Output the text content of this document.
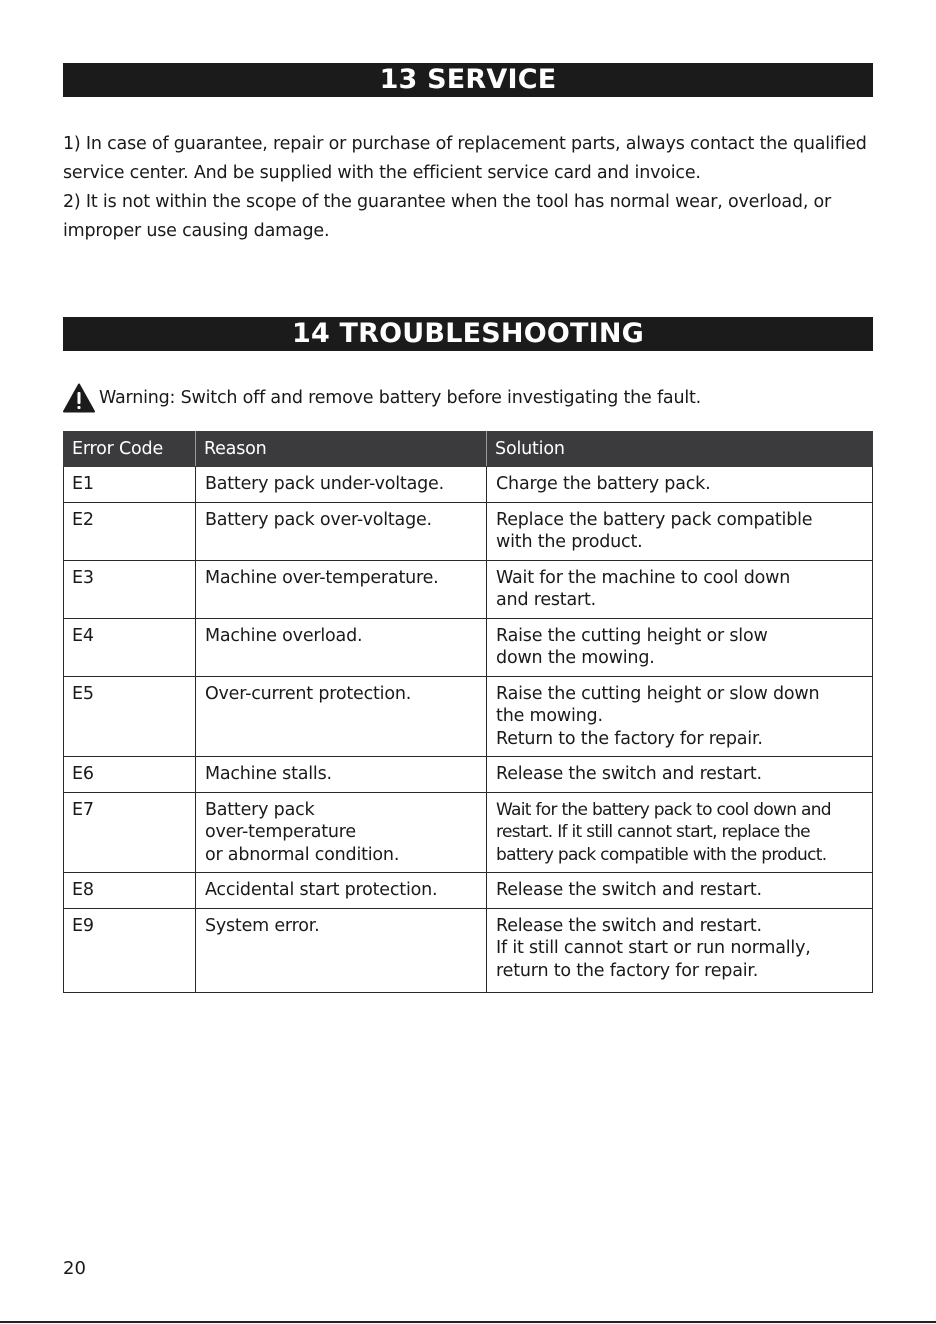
13 SERVICE

1) In case of guarantee, repair or purchase of replacement parts, always contact the qualified service center. And be supplied with the efficient service card and invoice.

2) It is not within the scope of the guarantee when the tool has normal wear, overload, or improper use causing damage.

14 TROUBLESHOOTING
Warning: Switch off and remove battery before investigating the fault.
Error Code	Reason	Solution
E1	Battery pack under-voltage.	Charge the battery pack.

E2	Battery pack over-voltage.	Replace the battery pack compatible
with the product.

E3	Machine over-temperature.	Wait for the machine to cool down
and restart.

E4	Machine overload.	Raise the cutting height or slow
down the mowing.

E5	Over-current protection.	Raise the cutting height or slow down
the mowing.
Return to the factory for repair.

E6	Machine stalls.	Release the switch and restart.

E7	Battery pack
over-temperature
or abnormal condition.	Wait for the battery pack to cool down and
restart. If it still cannot start, replace the
battery pack compatible with the product.

E8	Accidental start protection.	Release the switch and restart.

E9	System error.	Release the switch and restart.
If it still cannot start or run normally,
return to the factory for repair.
20
